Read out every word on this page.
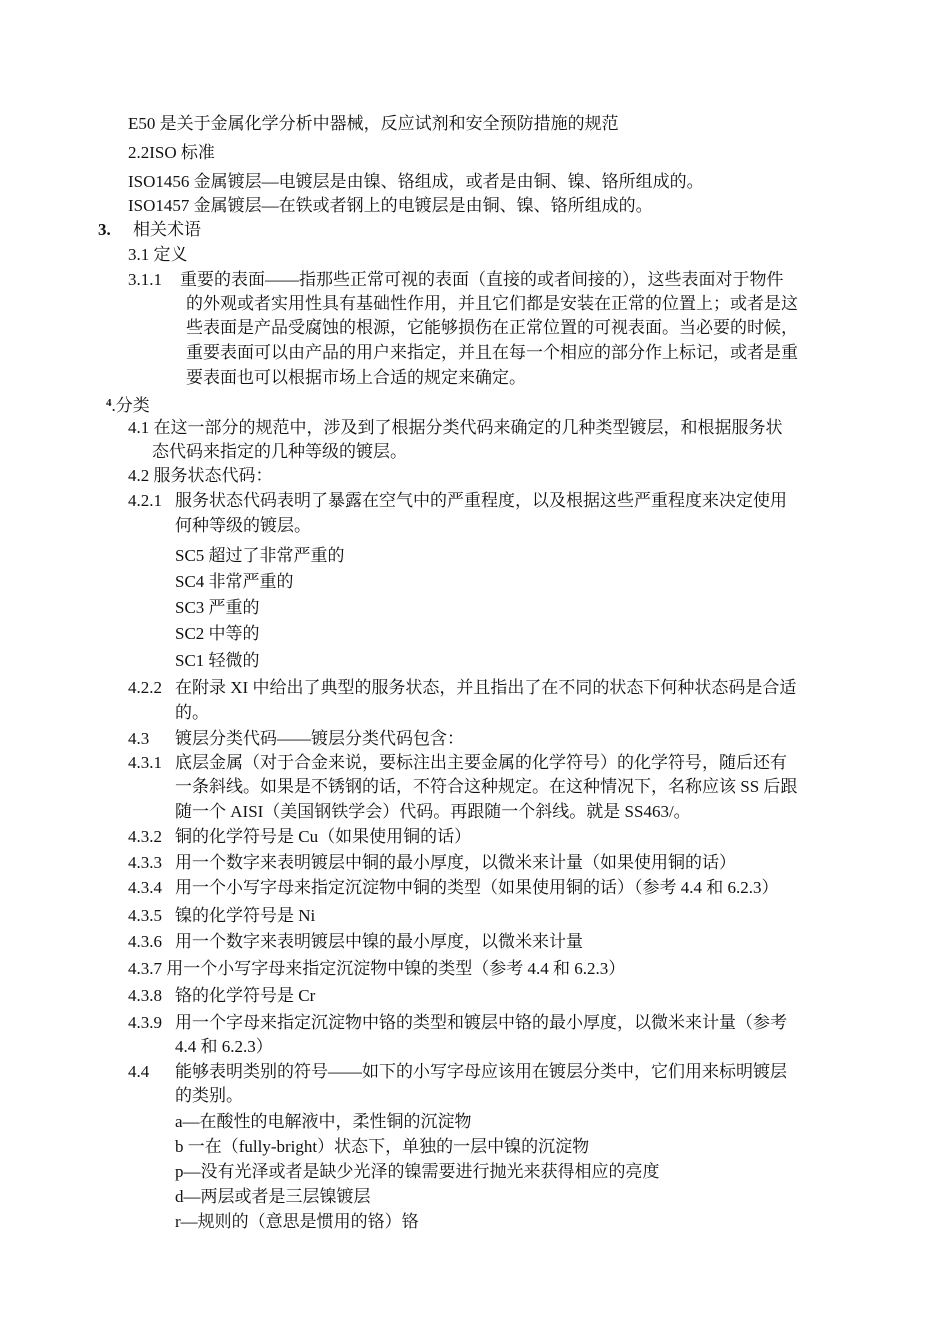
E50 是关于金属化学分析中器械，反应试剂和安全预防措施的规范
2.2ISO 标准
ISO1456 金属镀层—电镀层是由镍、铬组成，或者是由铜、镍、铬所组成的。
ISO1457 金属镀层—在铁或者钢上的电镀层是由铜、镍、铬所组成的。
3. 相关术语
3.1 定义
3.1.1 重要的表面——指那些正常可视的表面（直接的或者间接的），这些表面对于物件
的外观或者实用性具有基础性作用，并且它们都是安装在正常的位置上；或者是这
些表面是产品受腐蚀的根源，它能够损伤在正常位置的可视表面。当必要的时候，
重要表面可以由产品的用户来指定，并且在每一个相应的部分作上标记，或者是重
要表面也可以根据市场上合适的规定来确定。
$^4$.分类
4.1 在这一部分的规范中，涉及到了根据分类代码来确定的几种类型镀层，和根据服务状
态代码来指定的几种等级的镀层。
4.2 服务状态代码：
4.2.1 服务状态代码表明了暴露在空气中的严重程度，以及根据这些严重程度来决定使用
何种等级的镀层。
SC5 超过了非常严重的
SC4 非常严重的
SC3 严重的
SC2 中等的
SC1 轻微的
4.2.2 在附录 XI 中给出了典型的服务状态，并且指出了在不同的状态下何种状态码是合适
的。
4.3 镀层分类代码——镀层分类代码包含：
4.3.1 底层金属（对于合金来说，要标注出主要金属的化学符号）的化学符号，随后还有
一条斜线。如果是不锈钢的话，不符合这种规定。在这种情况下，名称应该 SS 后跟
随一个 AISI（美国钢铁学会）代码。再跟随一个斜线。就是 SS463/。
4.3.2 铜的化学符号是 Cu（如果使用铜的话）
4.3.3 用一个数字来表明镀层中铜的最小厚度，以微米来计量（如果使用铜的话）
4.3.4 用一个小写字母来指定沉淀物中铜的类型（如果使用铜的话）（参考 4.4 和 6.2.3）
4.3.5 镍的化学符号是 Ni
4.3.6 用一个数字来表明镀层中镍的最小厚度，以微米来计量
4.3.7 用一个小写字母来指定沉淀物中镍的类型（参考 4.4 和 6.2.3）
4.3.8 铬的化学符号是 Cr
4.3.9 用一个字母来指定沉淀物中铬的类型和镀层中铬的最小厚度，以微米来计量（参考
4.4 和 6.2.3）
4.4 能够表明类别的符号——如下的小写字母应该用在镀层分类中，它们用来标明镀层
的类别。
a—在酸性的电解液中，柔性铜的沉淀物
b 一在（fully-bright）状态下，单独的一层中镍的沉淀物
p—没有光泽或者是缺少光泽的镍需要进行抛光来获得相应的亮度
d—两层或者是三层镍镀层
r—规则的（意思是惯用的铬）铬
